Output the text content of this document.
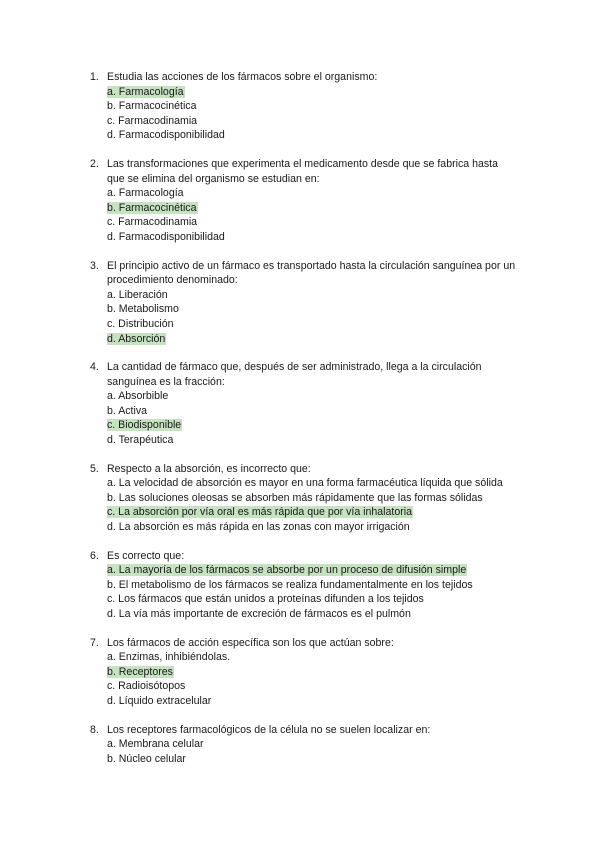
1. Estudia las acciones de los fármacos sobre el organismo:
a. Farmacología
b. Farmacocinética
c. Farmacodinamia
d. Farmacodisponibilidad
2. Las transformaciones que experimenta el medicamento desde que se fabrica hasta que se elimina del organismo se estudian en:
a. Farmacología
b. Farmacocinética
c. Farmacodinamia
d. Farmacodisponibilidad
3. El principio activo de un fármaco es transportado hasta la circulación sanguínea por un procedimiento denominado:
a. Liberación
b. Metabolismo
c. Distribución
d. Absorción
4. La cantidad de fármaco que, después de ser administrado, llega a la circulación sanguínea es la fracción:
a. Absorbible
b. Activa
c. Biodisponible
d. Terapéutica
5. Respecto a la absorción, es incorrecto que:
a. La velocidad de absorción es mayor en una forma farmacéutica líquida que sólida
b. Las soluciones oleosas se absorben más rápidamente que las formas sólidas
c. La absorción por vía oral es más rápida que por vía inhalatoria
d. La absorción es más rápida en las zonas con mayor irrigación
6. Es correcto que:
a. La mayoría de los fármacos se absorbe por un proceso de difusión simple
b. El metabolismo de los fármacos se realiza fundamentalmente en los tejidos
c. Los fármacos que están unidos a proteínas difunden a los tejidos
d. La vía más importante de excreción de fármacos es el pulmón
7. Los fármacos de acción específica son los que actúan sobre:
a. Enzimas, inhibiéndolas.
b. Receptores
c. Radioisótopos
d. Líquido extracelular
8. Los receptores farmacológicos de la célula no se suelen localizar en:
a. Membrana celular
b. Núcleo celular
